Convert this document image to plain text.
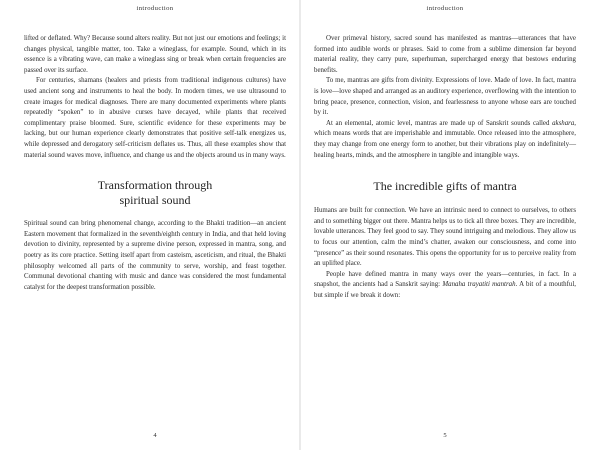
introduction

lifted or deflated. Why? Because sound alters reality. But not just our emotions and feelings; it changes physical, tangible matter, too. Take a wineglass, for example. Sound, which in its essence is a vibrating wave, can make a wineglass sing or break when certain frequencies are passed over its surface.

For centuries, shamans (healers and priests from traditional indigenous cultures) have used ancient song and instruments to heal the body. In modern times, we use ultrasound to create images for medical diagnoses. There are many documented experiments where plants repeatedly “spoken” to in abusive curses have decayed, while plants that received complimentary praise bloomed. Sure, scientific evidence for these experiments may be lacking, but our human experience clearly demonstrates that positive self-talk energizes us, while depressed and derogatory self-criticism deflates us. Thus, all these examples show that material sound waves move, influence, and change us and the objects around us in many ways.

Transformation through
spiritual sound

Spiritual sound can bring phenomenal change, according to the Bhakti tradition—an ancient Eastern movement that formalized in the seventh/eighth century in India, and that held loving devotion to divinity, represented by a supreme divine person, expressed in mantra, song, and poetry as its core practice. Setting itself apart from casteism, asceticism, and ritual, the Bhakti philosophy welcomed all parts of the community to serve, worship, and feast together. Communal devotional chanting with music and dance was considered the most fundamental catalyst for the deepest transformation possible.

4
introduction

Over primeval history, sacred sound has manifested as mantras—utterances that have formed into audible words or phrases. Said to come from a sublime dimension far beyond material reality, they carry pure, superhuman, supercharged energy that bestows enduring benefits.

To me, mantras are gifts from divinity. Expressions of love. Made of love. In fact, mantra is love—love shaped and arranged as an auditory experience, overflowing with the intention to bring peace, presence, connection, vision, and fearlessness to anyone whose ears are touched by it.

At an elemental, atomic level, mantras are made up of Sanskrit sounds called akshara, which means words that are imperishable and immutable. Once released into the atmosphere, they may change from one energy form to another, but their vibrations play on indefinitely—healing hearts, minds, and the atmosphere in tangible and intangible ways.

The incredible gifts of mantra

Humans are built for connection. We have an intrinsic need to connect to ourselves, to others and to something bigger out there. Mantra helps us to tick all three boxes. They are incredible, lovable utterances. They feel good to say. They sound intriguing and melodious. They allow us to focus our attention, calm the mind’s chatter, awaken our consciousness, and come into “presence” as their sound resonates. This opens the opportunity for us to perceive reality from an uplifted place.

People have defined mantra in many ways over the years—centuries, in fact. In a snapshot, the ancients had a Sanskrit saying: Manaha trayatiti mantrah. A bit of a mouthful, but simple if we break it down:

5
